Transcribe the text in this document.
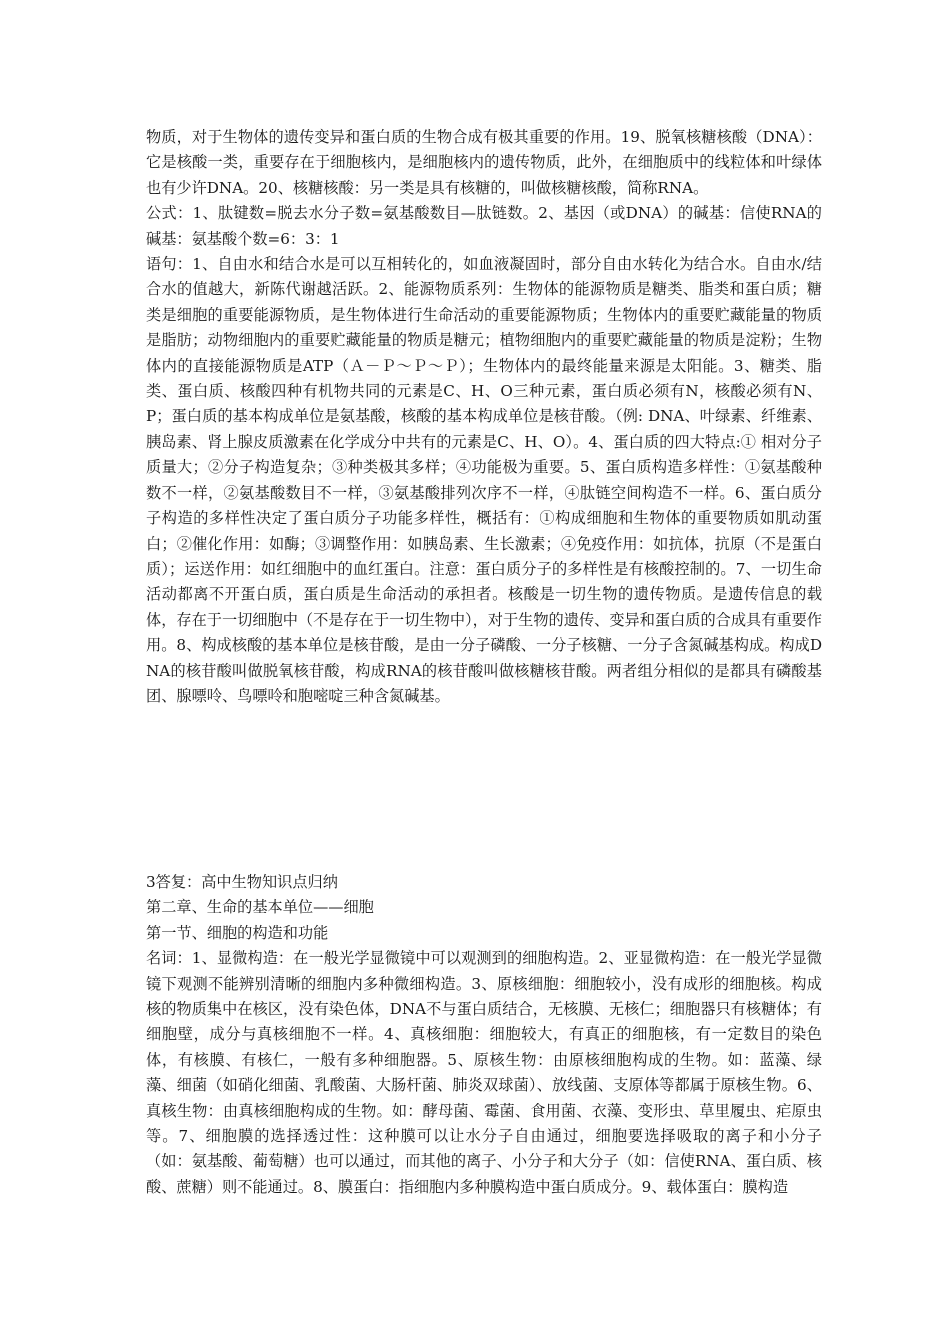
物质，对于生物体的遗传变异和蛋白质的生物合成有极其重要的作用。19、脱氧核糖核酸（DNA）：它是核酸一类，重要存在于细胞核内，是细胞核内的遗传物质，此外，在细胞质中的线粒体和叶绿体也有少许DNA。20、核糖核酸：另一类是具有核糖的，叫做核糖核酸，简称RNA。

公式：1、肽键数=脱去水分子数=氨基酸数目—肽链数。2、基因（或DNA）的碱基：信使RNA的碱基：氨基酸个数=6：3：1

语句：1、自由水和结合水是可以互相转化的，如血液凝固时，部分自由水转化为结合水。自由水/结合水的值越大，新陈代谢越活跃。2、能源物质系列：生物体的能源物质是糖类、脂类和蛋白质；糖类是细胞的重要能源物质，是生物体进行生命活动的重要能源物质；生物体内的重要贮藏能量的物质是脂肪；动物细胞内的重要贮藏能量的物质是糖元；植物细胞内的重要贮藏能量的物质是淀粉；生物体内的直接能源物质是ATP（Ａ－Ｐ～Ｐ～Ｐ）；生物体内的最终能量来源是太阳能。3、糖类、脂类、蛋白质、核酸四种有机物共同的元素是C、H、O三种元素，蛋白质必须有N，核酸必须有N、P；蛋白质的基本构成单位是氨基酸，核酸的基本构成单位是核苷酸。（例: DNA、叶绿素、纤维素、胰岛素、肾上腺皮质激素在化学成分中共有的元素是C、H、O）。4、蛋白质的四大特点:① 相对分子质量大；②分子构造复杂；③种类极其多样；④功能极为重要。5、蛋白质构造多样性：①氨基酸种数不一样，②氨基酸数目不一样，③氨基酸排列次序不一样，④肽链空间构造不一样。6、蛋白质分子构造的多样性决定了蛋白质分子功能多样性，概括有：①构成细胞和生物体的重要物质如肌动蛋白；②催化作用：如酶；③调整作用：如胰岛素、生长激素；④免疫作用：如抗体，抗原（不是蛋白质）；运送作用：如红细胞中的血红蛋白。注意：蛋白质分子的多样性是有核酸控制的。7、一切生命活动都离不开蛋白质，蛋白质是生命活动的承担者。核酸是一切生物的遗传物质。是遗传信息的载体，存在于一切细胞中（不是存在于一切生物中），对于生物的遗传、变异和蛋白质的合成具有重要作用。8、构成核酸的基本单位是核苷酸，是由一分子磷酸、一分子核糖、一分子含氮碱基构成。构成DNA的核苷酸叫做脱氧核苷酸，构成RNA的核苷酸叫做核糖核苷酸。两者组分相似的是都具有磷酸基团、腺嘌呤、鸟嘌呤和胞嘧啶三种含氮碱基。

3答复：高中生物知识点归纳

第二章、生命的基本单位——细胞

第一节、细胞的构造和功能

名词：1、显微构造：在一般光学显微镜中可以观测到的细胞构造。2、亚显微构造：在一般光学显微镜下观测不能辨别清晰的细胞内多种微细构造。3、原核细胞：细胞较小，没有成形的细胞核。构成核的物质集中在核区，没有染色体，DNA不与蛋白质结合，无核膜、无核仁；细胞器只有核糖体；有细胞壁，成分与真核细胞不一样。4、真核细胞：细胞较大，有真正的细胞核，有一定数目的染色体，有核膜、有核仁，一般有多种细胞器。5、原核生物：由原核细胞构成的生物。如：蓝藻、绿藻、细菌（如硝化细菌、乳酸菌、大肠杆菌、肺炎双球菌）、放线菌、支原体等都属于原核生物。6、真核生物：由真核细胞构成的生物。如：酵母菌、霉菌、食用菌、衣藻、变形虫、草里履虫、疟原虫等。7、细胞膜的选择透过性：这种膜可以让水分子自由通过，细胞要选择吸取的离子和小分子（如：氨基酸、葡萄糖）也可以通过，而其他的离子、小分子和大分子（如：信使RNA、蛋白质、核酸、蔗糖）则不能通过。8、膜蛋白：指细胞内多种膜构造中蛋白质成分。9、载体蛋白：膜构造
